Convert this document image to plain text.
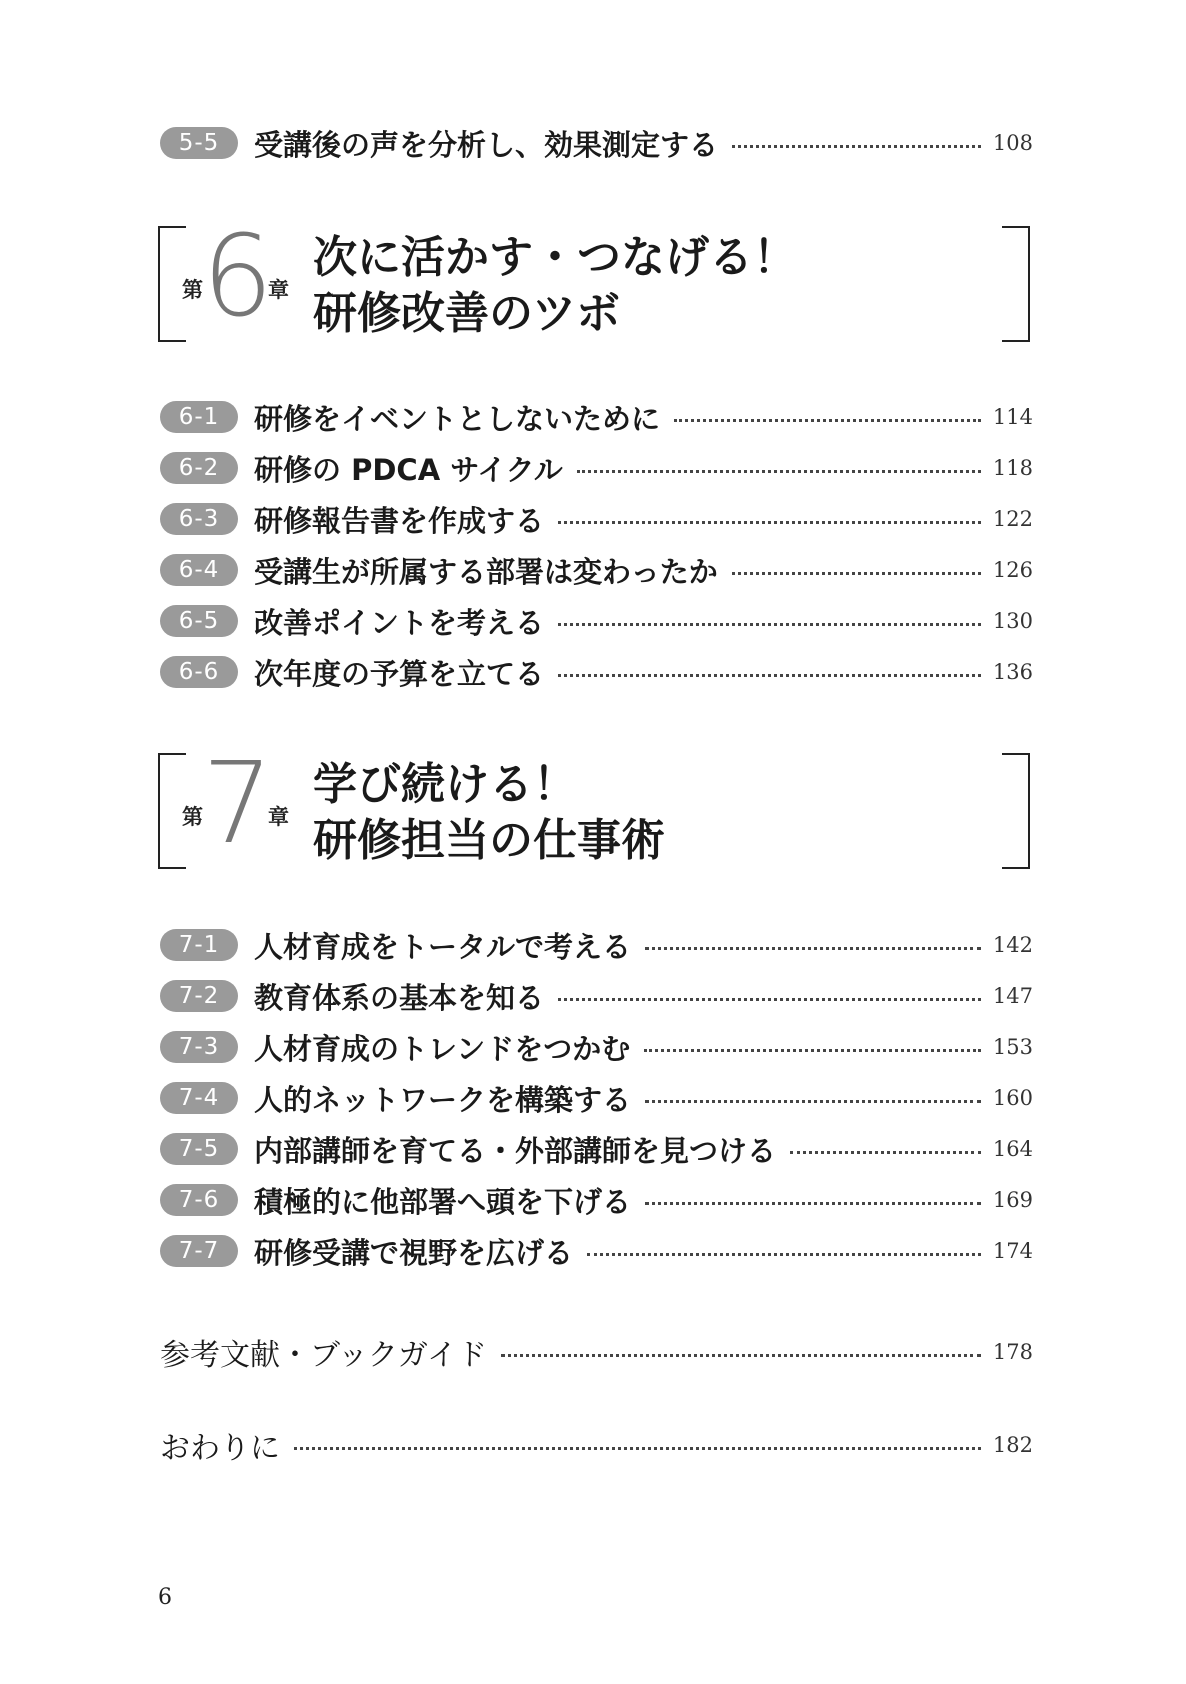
5-5	受講後の声を分析し、効果測定する	108
第 6
章
次に活かす・つなげる！
研修改善のツボ
6-1	研修をイベントとしないために	114
6-2	研修の PDCA サイクル	118
6-3	研修報告書を作成する	122
6-4	受講生が所属する部署は変わったか	126
6-5	改善ポイントを考える	130
6-6	次年度の予算を立てる	136
第 7
章
学び続ける！
研修担当の仕事術
7-1	人材育成をトータルで考える	142
7-2	教育体系の基本を知る	147
7-3	人材育成のトレンドをつかむ	153
7-4	人的ネットワークを構築する	160
7-5	内部講師を育てる・外部講師を見つける	164
7-6	積極的に他部署へ頭を下げる	169
7-7	研修受講で視野を広げる	174
参考文献・ブックガイド	178
おわりに	182
6
